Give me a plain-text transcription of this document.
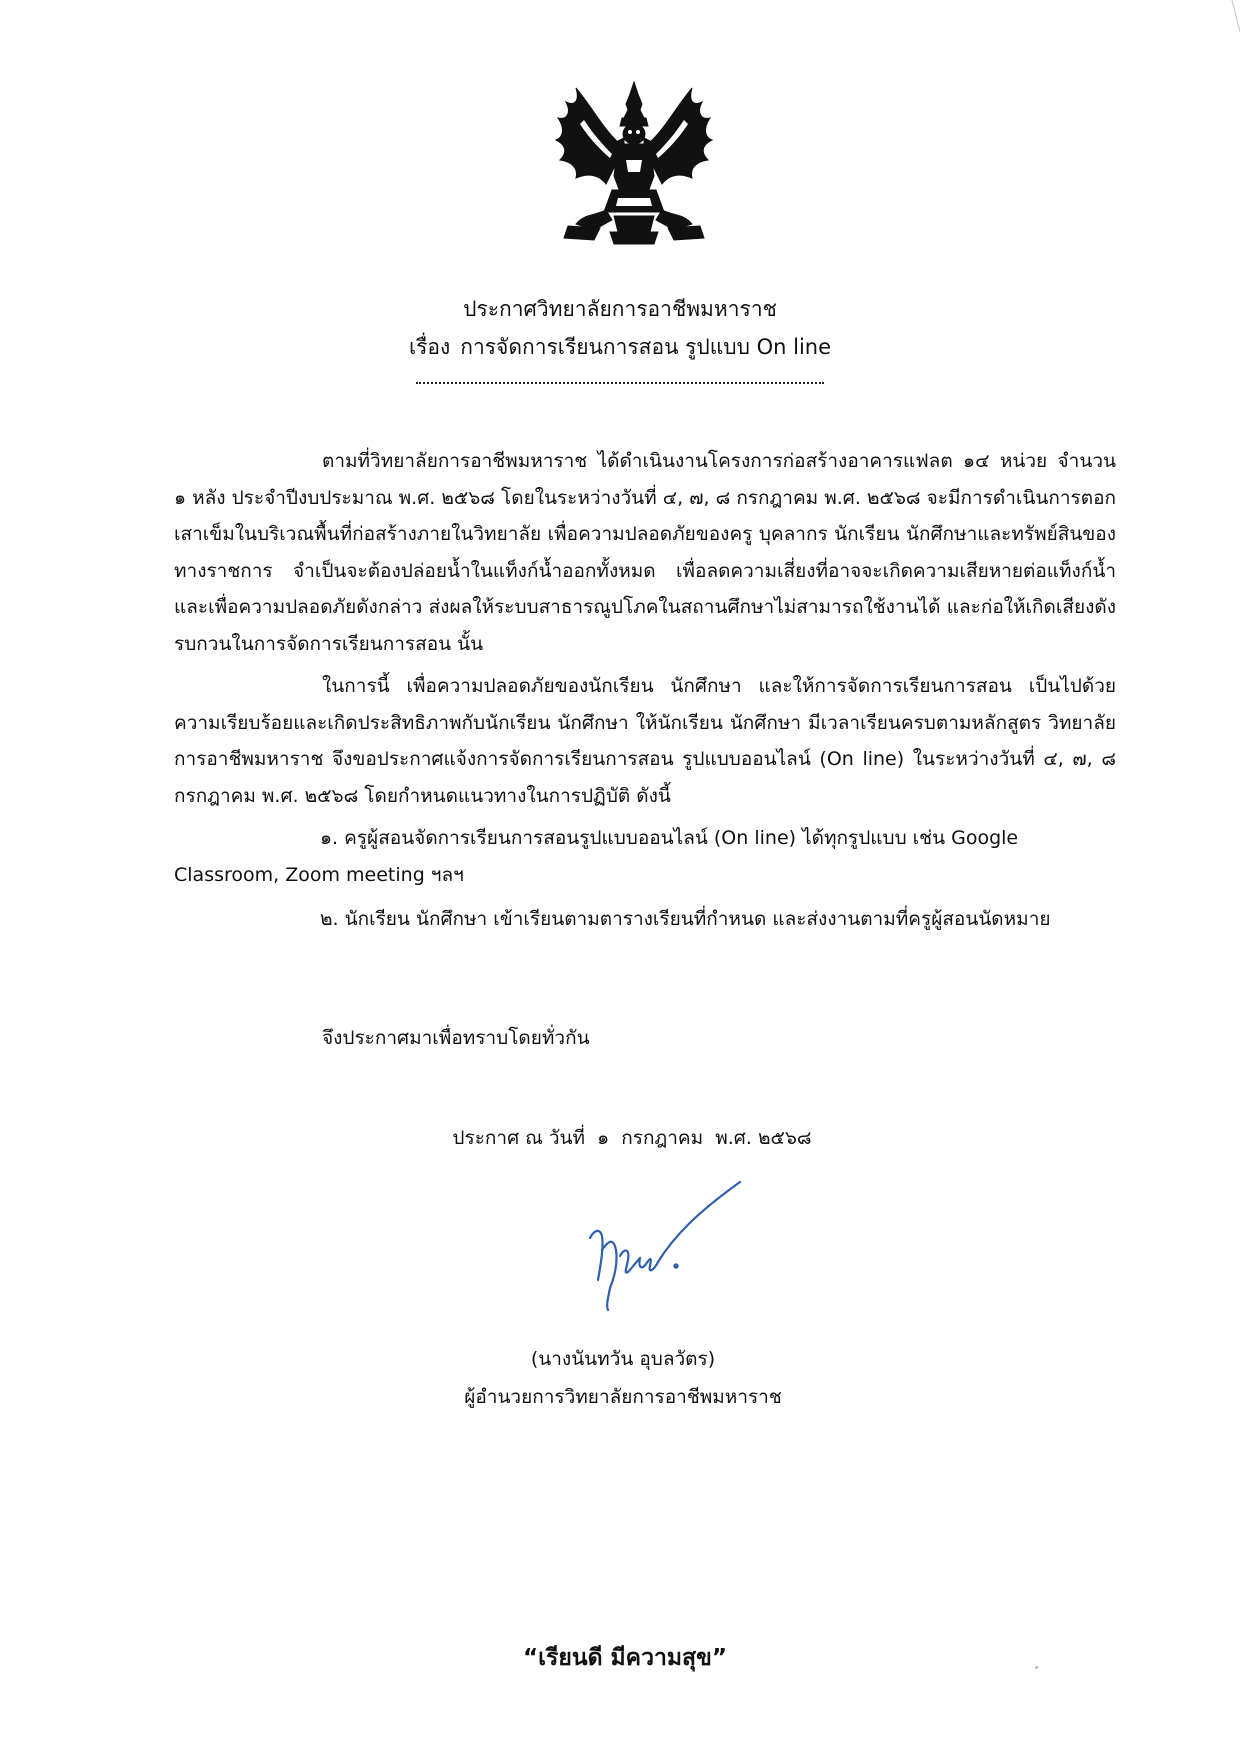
ประกาศวิทยาลัยการอาชีพมหาราช
เรื่อง การจัดการเรียนการสอน รูปแบบ On line

ตามที่วิทยาลัยการอาชีพมหาราช ได้ดำเนินงานโครงการก่อสร้างอาคารแฟลต ๑๔ หน่วย จำนวน ๑ หลัง ประจำปีงบประมาณ พ.ศ. ๒๕๖๘ โดยในระหว่างวันที่ ๔, ๗, ๘ กรกฎาคม พ.ศ. ๒๕๖๘ จะมีการดำเนินการตอกเสาเข็มในบริเวณพื้นที่ก่อสร้างภายในวิทยาลัย เพื่อความปลอดภัยของครู บุคลากร นักเรียน นักศึกษาและทรัพย์สินของทางราชการ จำเป็นจะต้องปล่อยน้ำในแท็งก์น้ำออกทั้งหมด เพื่อลดความเสี่ยงที่อาจจะเกิดความเสียหายต่อแท็งก์น้ำ และเพื่อความปลอดภัยดังกล่าว ส่งผลให้ระบบสาธารณูปโภคในสถานศึกษาไม่สามารถใช้งานได้ และก่อให้เกิดเสียงดังรบกวนในการจัดการเรียนการสอน นั้น

ในการนี้ เพื่อความปลอดภัยของนักเรียน นักศึกษา และให้การจัดการเรียนการสอน เป็นไปด้วยความเรียบร้อยและเกิดประสิทธิภาพกับนักเรียน นักศึกษา ให้นักเรียน นักศึกษา มีเวลาเรียนครบตามหลักสูตร วิทยาลัยการอาชีพมหาราช จึงขอประกาศแจ้งการจัดการเรียนการสอน รูปแบบออนไลน์ (On line) ในระหว่างวันที่ ๔, ๗, ๘ กรกฎาคม พ.ศ. ๒๕๖๘ โดยกำหนดแนวทางในการปฏิบัติ ดังนี้

๑. ครูผู้สอนจัดการเรียนการสอนรูปแบบออนไลน์ (On line) ได้ทุกรูปแบบ เช่น Google Classroom, Zoom meeting ฯลฯ

๒. นักเรียน นักศึกษา เข้าเรียนตามตารางเรียนที่กำหนด และส่งงานตามที่ครูผู้สอนนัดหมาย

จึงประกาศมาเพื่อทราบโดยทั่วกัน
ประกาศ ณ วันที่ ๑ กรกฎาคม พ.ศ. ๒๕๖๘
(นางนันทวัน อุบลวัตร)
ผู้อำนวยการวิทยาลัยการอาชีพมหาราช
“เรียนดี มีความสุข”
